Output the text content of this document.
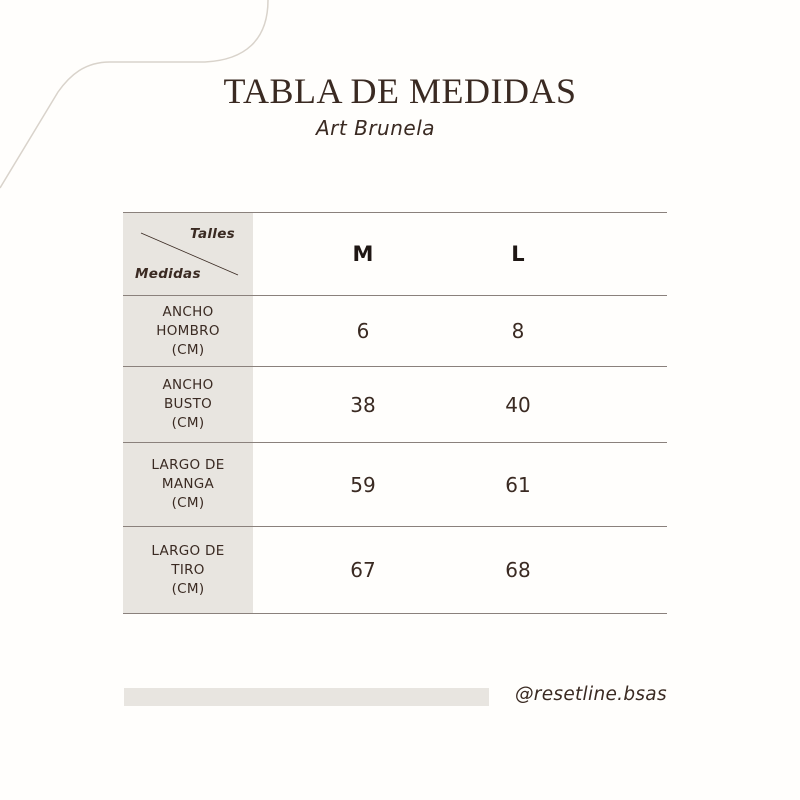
TABLA DE MEDIDAS
Art Brunela
Talles
Medidas	M	L	

ANCHO
HOMBRO
(CM)	6	8	

ANCHO
BUSTO
(CM)	38	40	

LARGO DE
MANGA
(CM)	59	61	

LARGO DE
TIRO
(CM)	67	68	
@resetline.bsas
